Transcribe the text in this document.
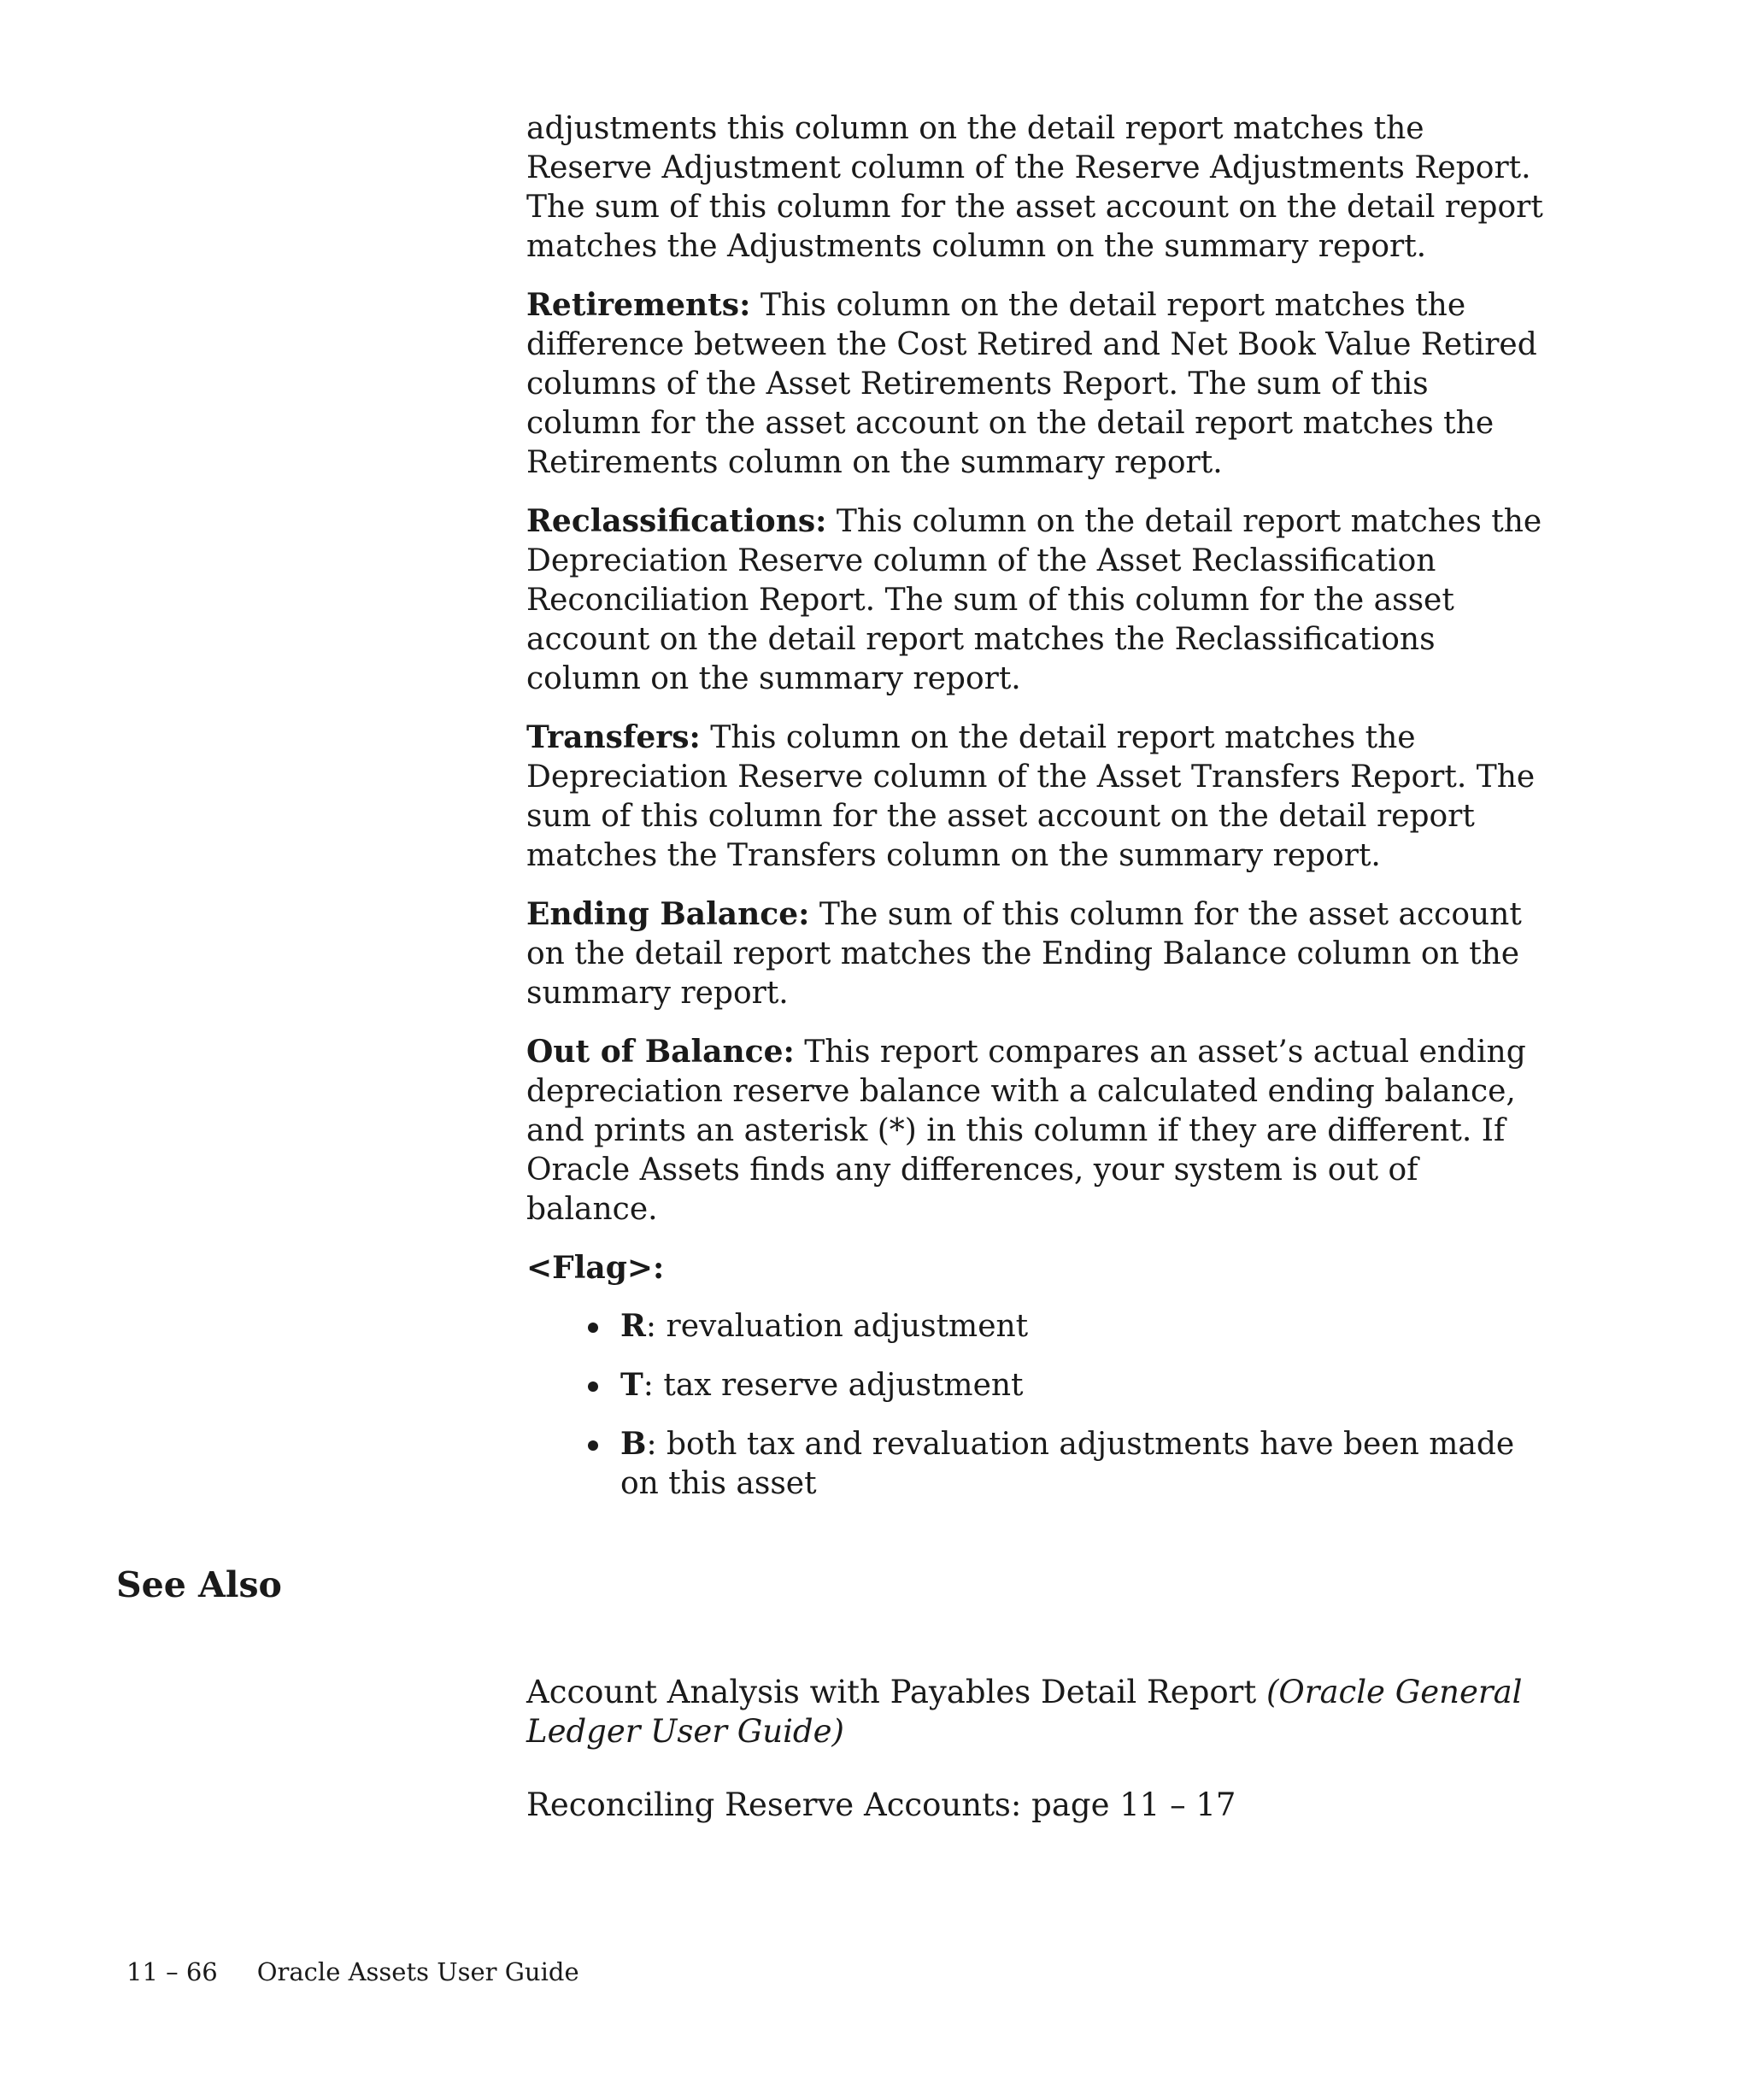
adjustments this column on the detail report matches the Reserve Adjustment column of the Reserve Adjustments Report. The sum of this column for the asset account on the detail report matches the Adjustments column on the summary report.

Retirements: This column on the detail report matches the difference between the Cost Retired and Net Book Value Retired columns of the Asset Retirements Report. The sum of this column for the asset account on the detail report matches the Retirements column on the summary report.

Reclassifications: This column on the detail report matches the Depreciation Reserve column of the Asset Reclassification Reconciliation Report. The sum of this column for the asset account on the detail report matches the Reclassifications column on the summary report.

Transfers: This column on the detail report matches the Depreciation Reserve column of the Asset Transfers Report. The sum of this column for the asset account on the detail report matches the Transfers column on the summary report.

Ending Balance: The sum of this column for the asset account on the detail report matches the Ending Balance column on the summary report.

Out of Balance: This report compares an asset’s actual ending depreciation reserve balance with a calculated ending balance, and prints an asterisk (*) in this column if they are different. If Oracle Assets finds any differences, your system is out of balance.

<Flag>:

R: revaluation adjustment
T: tax reserve adjustment
B: both tax and revaluation adjustments have been made on this asset
See Also

Account Analysis with Payables Detail Report (Oracle General Ledger User Guide)

Reconciling Reserve Accounts: page 11 – 17

11 – 66 Oracle Assets User Guide
